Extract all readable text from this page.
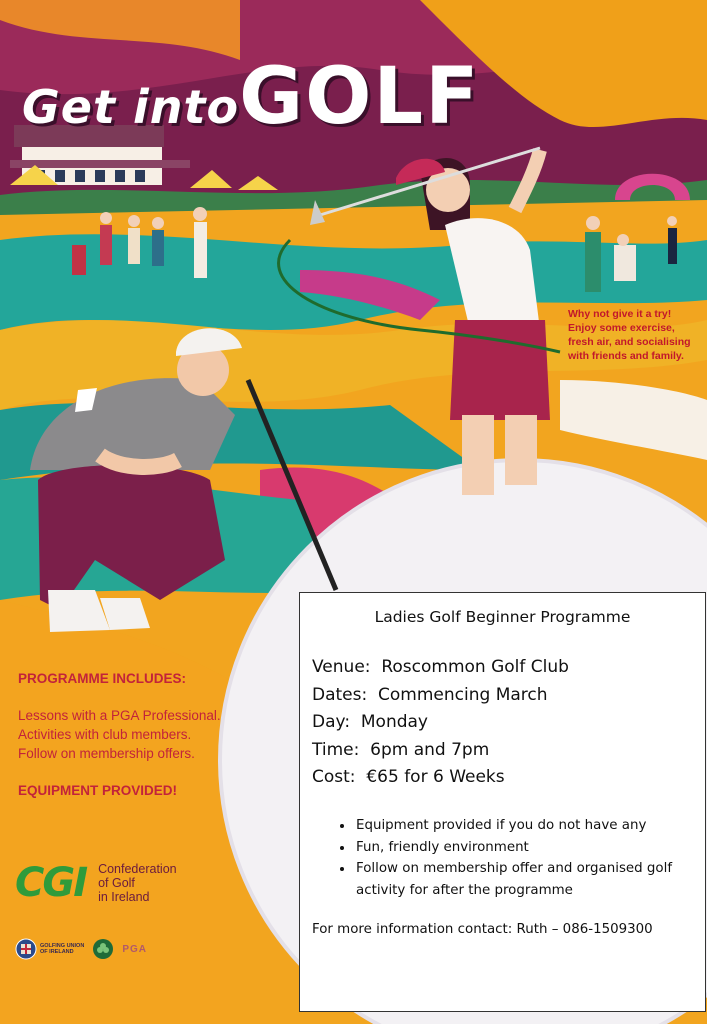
Get intoGOLF
Why not give it a try!
Enjoy some exercise,
fresh air, and socialising
with friends and family.
PROGRAMME INCLUDES:
Lessons with a PGA Professional.
Activities with club members.
Follow on membership offers.
EQUIPMENT PROVIDED!
CGI Confederation
of Golf
in Ireland
GOLFING UNION
OF IRELAND	PGA
Ladies Golf Beginner Programme
Venue: Roscommon Golf Club
Dates: Commencing March
Day: Monday
Time: 6pm and 7pm
Cost: €65 for 6 Weeks
• Equipment provided if you do not have any
• Fun, friendly environment
• Follow on membership offer and organised golf activity for after the programme
For more information contact: Ruth – 086-1509300
